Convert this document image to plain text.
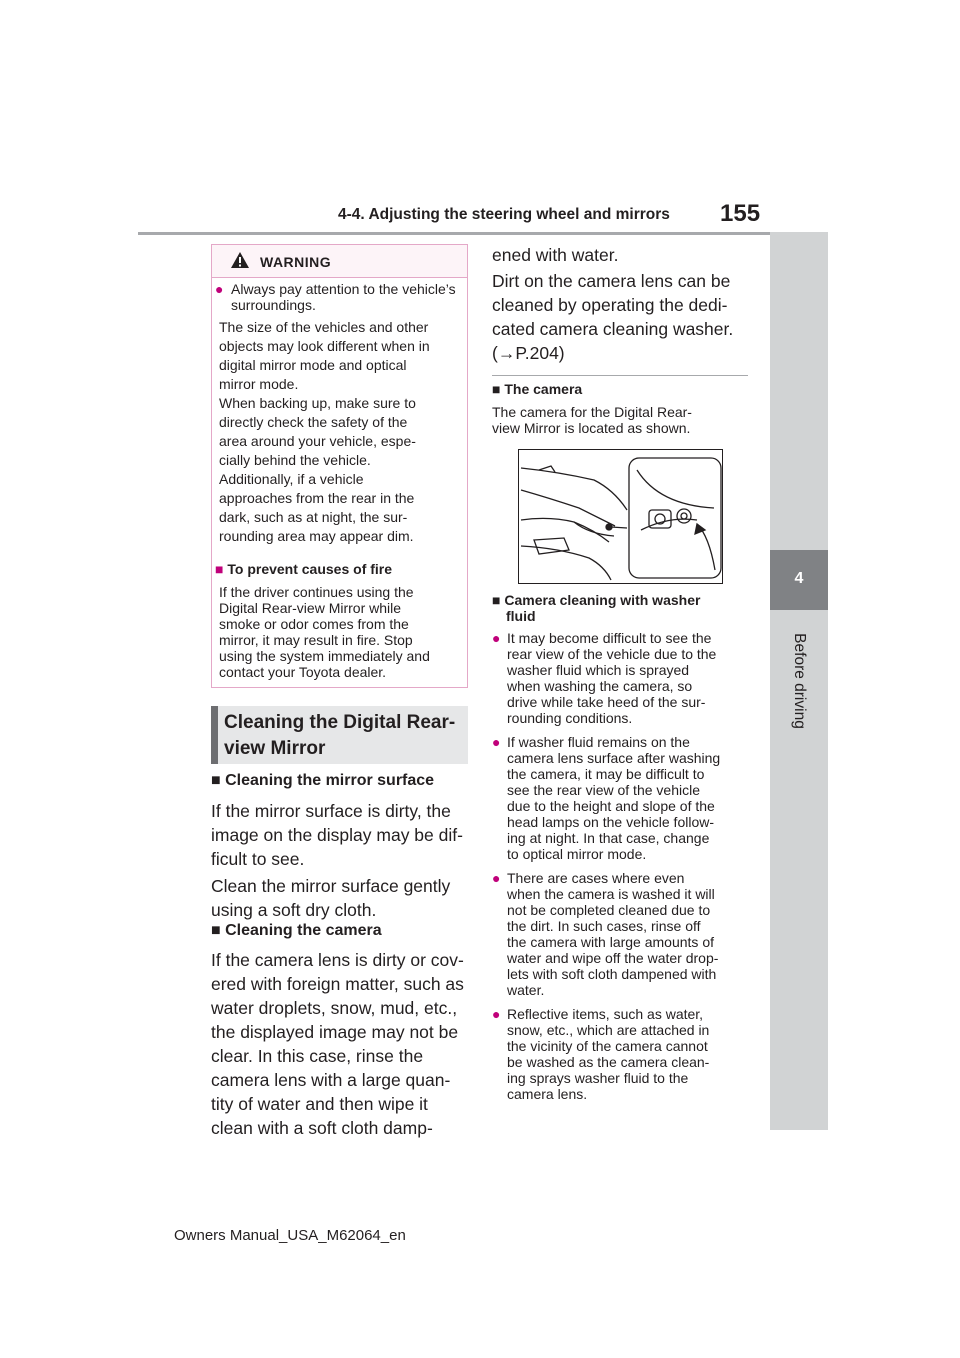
4-4. Adjusting the steering wheel and mirrors 155
4
Before driving
WARNING
● Always pay attention to the vehicle’s surroundings.
The size of the vehicles and other
objects may look different when in
digital mirror mode and optical
mirror mode.
When backing up, make sure to
directly check the safety of the
area around your vehicle, espe-
cially behind the vehicle.
Additionally, if a vehicle
approaches from the rear in the
dark, such as at night, the sur-
rounding area may appear dim.
■ To prevent causes of fire
If the driver continues using the
Digital Rear-view Mirror while
smoke or odor comes from the
mirror, it may result in fire. Stop
using the system immediately and
contact your Toyota dealer.
Cleaning the Digital Rear-
view Mirror
■ Cleaning the mirror surface
If the mirror surface is dirty, the
image on the display may be dif-
ficult to see.
Clean the mirror surface gently
using a soft dry cloth.
■ Cleaning the camera
If the camera lens is dirty or cov-
ered with foreign matter, such as
water droplets, snow, mud, etc.,
the displayed image may not be
clear. In this case, rinse the
camera lens with a large quan-
tity of water and then wipe it
clean with a soft cloth damp-
ened with water.
Dirt on the camera lens can be
cleaned by operating the dedi-
cated camera cleaning washer.
(→P.204)
■ The camera
The camera for the Digital Rear-
view Mirror is located as shown.
■ Camera cleaning with washer
fluid
● It may become difficult to see the
rear view of the vehicle due to the
washer fluid which is sprayed
when washing the camera, so
drive while take heed of the sur-
rounding conditions.
● If washer fluid remains on the
camera lens surface after washing
the camera, it may be difficult to
see the rear view of the vehicle
due to the height and slope of the
head lamps on the vehicle follow-
ing at night. In that case, change
to optical mirror mode.
● There are cases where even
when the camera is washed it will
not be completed cleaned due to
the dirt. In such cases, rinse off
the camera with large amounts of
water and wipe off the water drop-
lets with soft cloth dampened with
water.
● Reflective items, such as water,
snow, etc., which are attached in
the vicinity of the camera cannot
be washed as the camera clean-
ing sprays washer fluid to the
camera lens.
Owners Manual_USA_M62064_en
